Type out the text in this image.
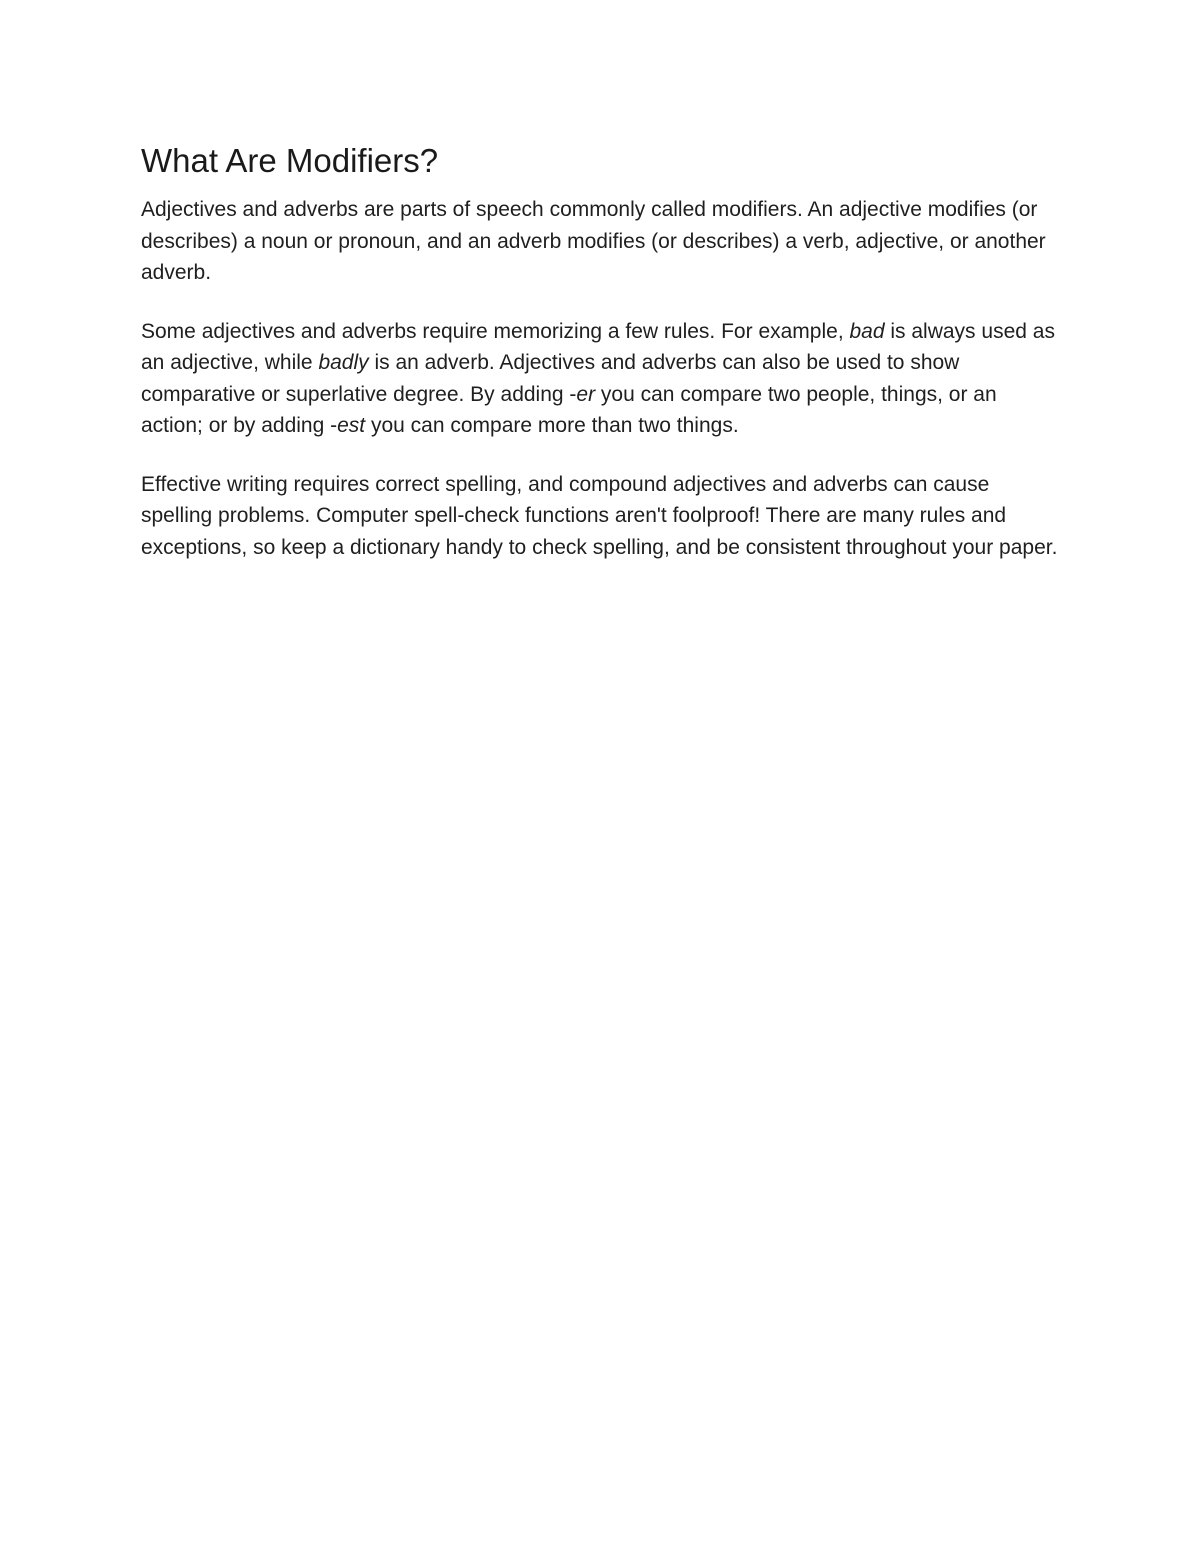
What Are Modifiers?

Adjectives and adverbs are parts of speech commonly called modifiers. An adjective modifies (or describes) a noun or pronoun, and an adverb modifies (or describes) a verb, adjective, or another adverb.

Some adjectives and adverbs require memorizing a few rules. For example, bad is always used as an adjective, while badly is an adverb. Adjectives and adverbs can also be used to show comparative or superlative degree. By adding -er you can compare two people, things, or an action; or by adding -est you can compare more than two things.

Effective writing requires correct spelling, and compound adjectives and adverbs can cause spelling problems. Computer spell-check functions aren't foolproof! There are many rules and exceptions, so keep a dictionary handy to check spelling, and be consistent throughout your paper.
